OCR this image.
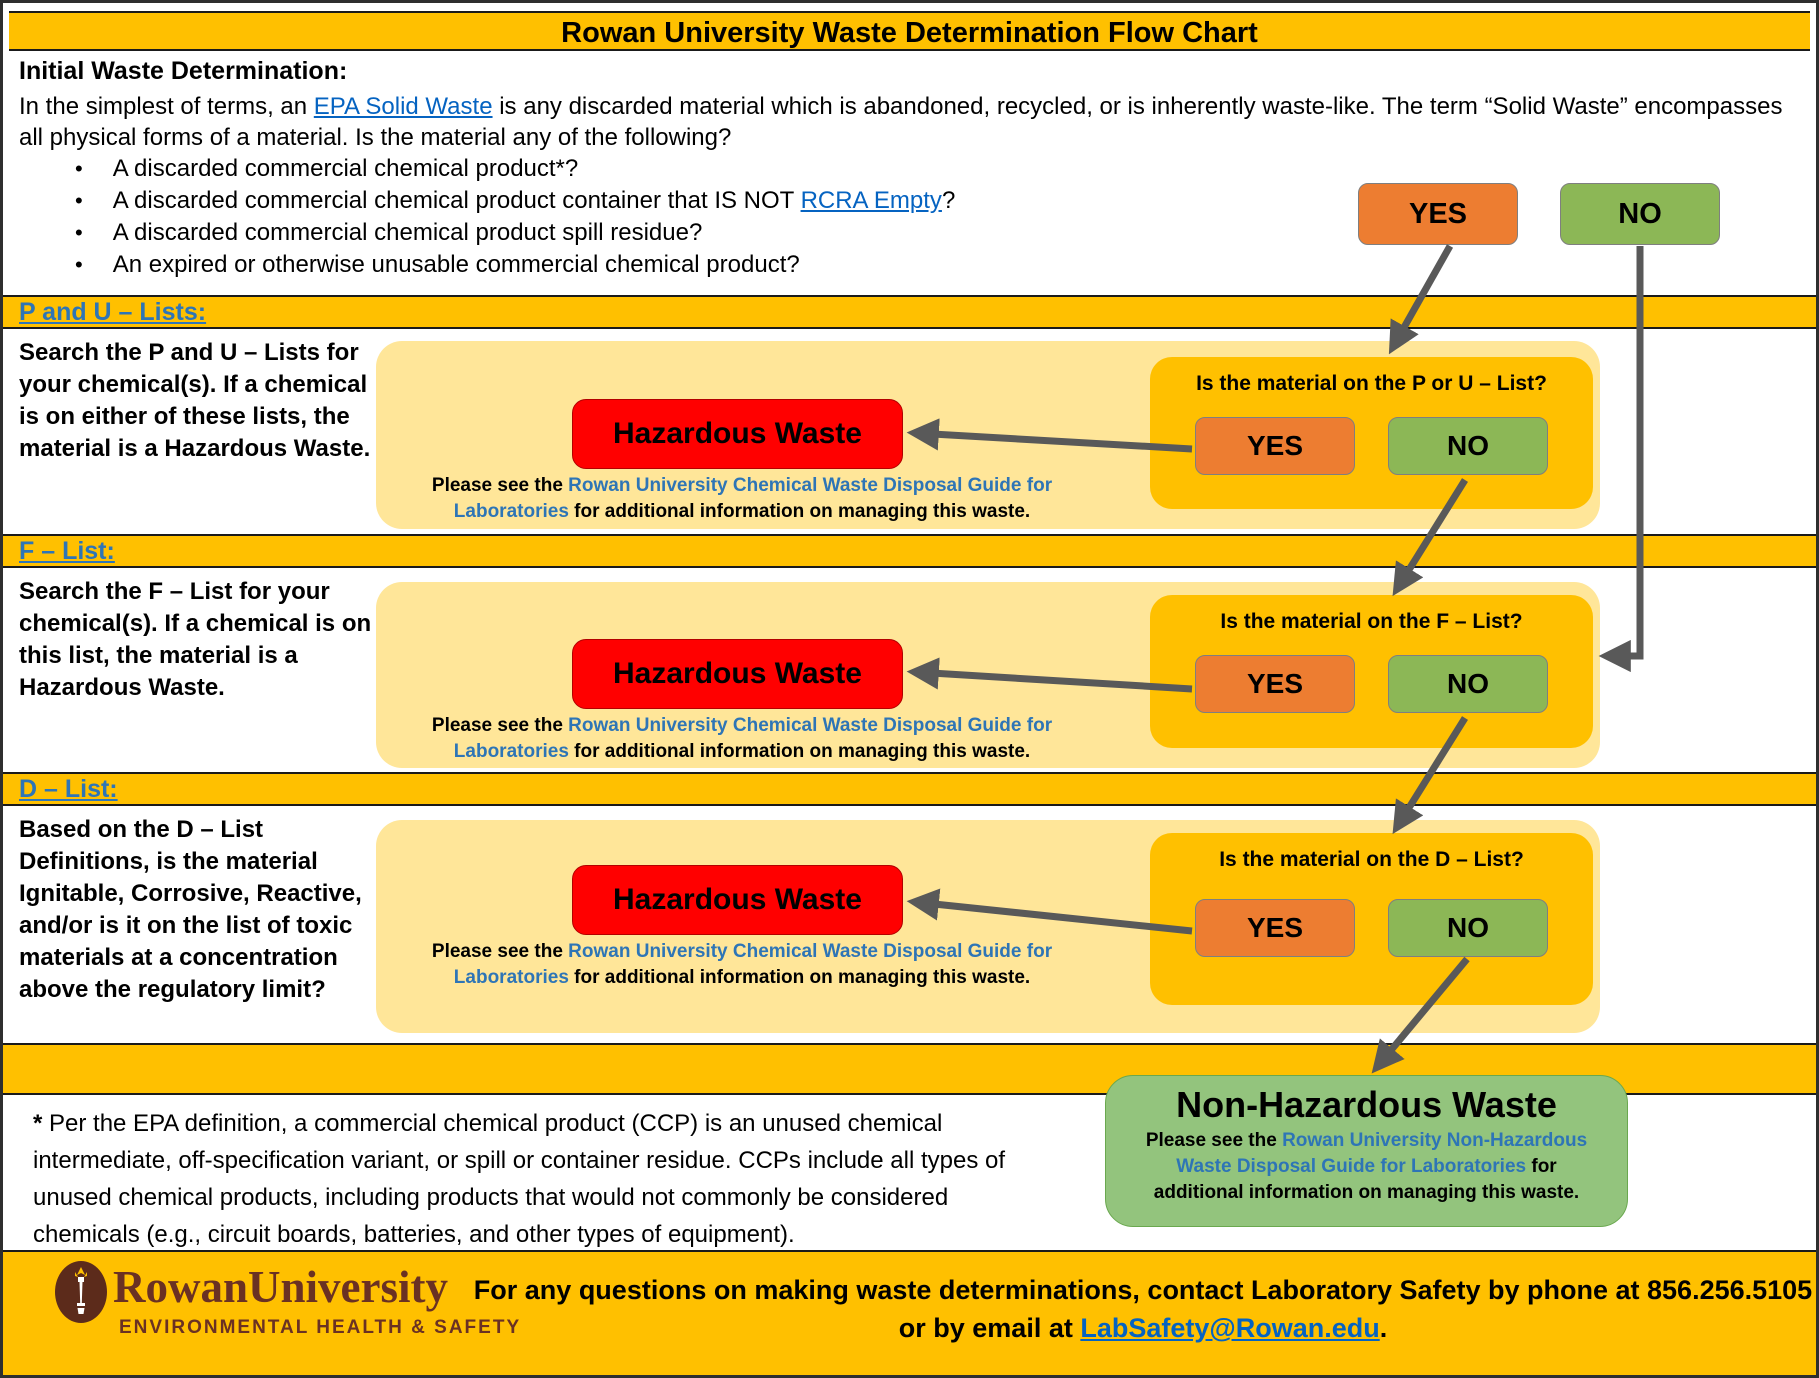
Rowan University Waste Determination Flow Chart
Initial Waste Determination:
In the simplest of terms, an EPA Solid Waste is any discarded material which is abandoned, recycled, or is inherently waste-like. The term “Solid Waste” encompasses all physical forms of a material. Is the material any of the following?
• A discarded commercial chemical product*?
• A discarded commercial chemical product container that IS NOT RCRA Empty?
• A discarded commercial chemical product spill residue?
• An expired or otherwise unusable commercial chemical product?
YES	NO
P and U – Lists:
Search the P and U – Lists for your chemical(s). If a chemical is on either of these lists, the material is a Hazardous Waste.	Hazardous Waste
Please see the Rowan University Chemical Waste Disposal Guide for Laboratories for additional information on managing this waste.
Is the material on the P or U – List?
YES	NO
F – List:
Search the F – List for your chemical(s). If a chemical is on this list, the material is a Hazardous Waste.	Hazardous Waste
Please see the Rowan University Chemical Waste Disposal Guide for Laboratories for additional information on managing this waste.
Is the material on the F – List?
YES	NO
D – List:
Based on the D – List Definitions, is the material Ignitable, Corrosive, Reactive, and/or is it on the list of toxic materials at a concentration above the regulatory limit?
Hazardous Waste
Please see the Rowan University Chemical Waste Disposal Guide for Laboratories for additional information on managing this waste.
Is the material on the D – List?
YES	NO
* Per the EPA definition, a commercial chemical product (CCP) is an unused chemical intermediate, off-specification variant, or spill or container residue. CCPs include all types of unused chemical products, including products that would not commonly be considered chemicals (e.g., circuit boards, batteries, and other types of equipment).
Non-Hazardous Waste
Please see the Rowan University Non-Hazardous Waste Disposal Guide for Laboratories for additional information on managing this waste.
RowanUniversity
ENVIRONMENTAL HEALTH & SAFETY
For any questions on making waste determinations, contact Laboratory Safety by phone at 856.256.5105 or by email at LabSafety@Rowan.edu.
